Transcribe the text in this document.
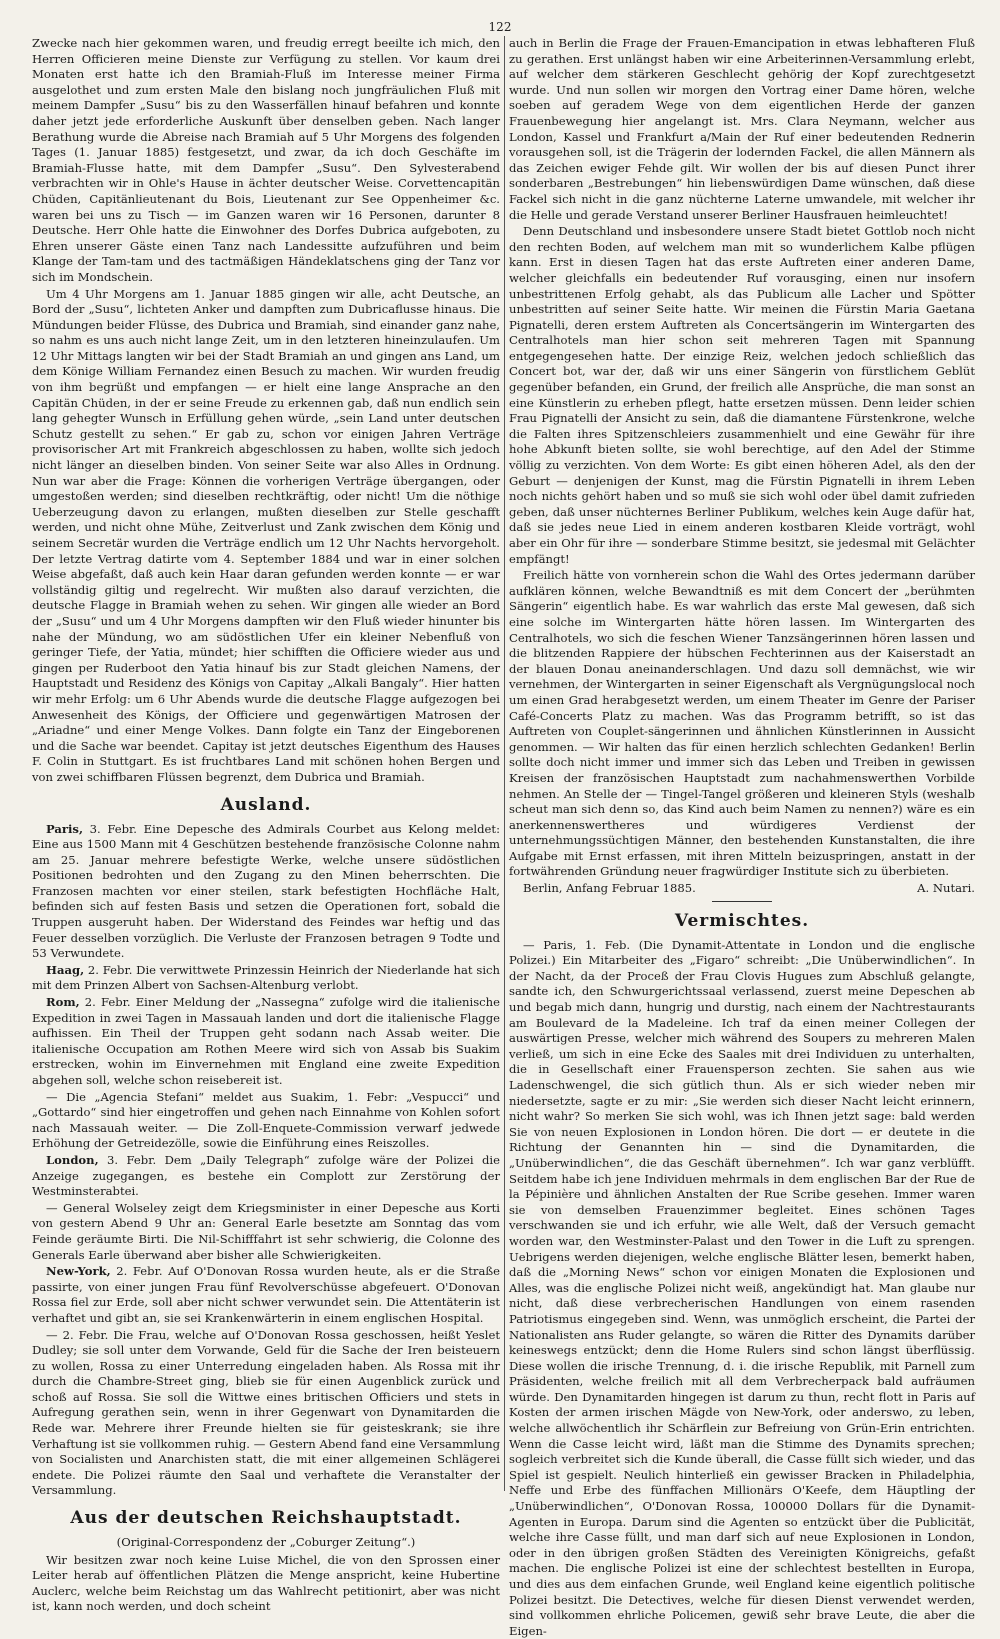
122

Zwecke nach hier gekommen waren, und freudig erregt beeilte ich mich, den Herren Officieren meine Dienste zur Verfügung zu stellen. Vor kaum drei Monaten erst hatte ich den Bramiah-Fluß im Interesse meiner Firma ausgelothet und zum ersten Male den bislang noch jungfräulichen Fluß mit meinem Dampfer „Susu“ bis zu den Wasserfällen hinauf befahren und konnte daher jetzt jede erforderliche Auskunft über denselben geben. Nach langer Berathung wurde die Abreise nach Bramiah auf 5 Uhr Morgens des folgenden Tages (1. Januar 1885) festgesetzt, und zwar, da ich doch Geschäfte im Bramiah-Flusse hatte, mit dem Dampfer „Susu“. Den Sylvesterabend verbrachten wir in Ohle's Hause in ächter deutscher Weise. Corvettencapitän Chüden, Capitänlieutenant du Bois, Lieutenant zur See Oppenheimer &c. waren bei uns zu Tisch — im Ganzen waren wir 16 Personen, darunter 8 Deutsche. Herr Ohle hatte die Einwohner des Dorfes Dubrica aufgeboten, zu Ehren unserer Gäste einen Tanz nach Landessitte aufzuführen und beim Klange der Tam-tam und des tactmäßigen Händeklatschens ging der Tanz vor sich im Mondschein.

Um 4 Uhr Morgens am 1. Januar 1885 gingen wir alle, acht Deutsche, an Bord der „Susu“, lichteten Anker und dampften zum Dubricaflusse hinaus. Die Mündungen beider Flüsse, des Dubrica und Bramiah, sind einander ganz nahe, so nahm es uns auch nicht lange Zeit, um in den letzteren hineinzulaufen. Um 12 Uhr Mittags langten wir bei der Stadt Bramiah an und gingen ans Land, um dem Könige William Fernandez einen Besuch zu machen. Wir wurden freudig von ihm begrüßt und empfangen — er hielt eine lange Ansprache an den Capitän Chüden, in der er seine Freude zu erkennen gab, daß nun endlich sein lang gehegter Wunsch in Erfüllung gehen würde, „sein Land unter deutschen Schutz gestellt zu sehen.“ Er gab zu, schon vor einigen Jahren Verträge provisorischer Art mit Frankreich abgeschlossen zu haben, wollte sich jedoch nicht länger an dieselben binden. Von seiner Seite war also Alles in Ordnung. Nun war aber die Frage: Können die vorherigen Verträge übergangen, oder umgestoßen werden; sind dieselben rechtkräftig, oder nicht! Um die nöthige Ueberzeugung davon zu erlangen, mußten dieselben zur Stelle geschafft werden, und nicht ohne Mühe, Zeitverlust und Zank zwischen dem König und seinem Secretär wurden die Verträge endlich um 12 Uhr Nachts hervorgeholt. Der letzte Vertrag datirte vom 4. September 1884 und war in einer solchen Weise abgefaßt, daß auch kein Haar daran gefunden werden konnte — er war vollständig giltig und regelrecht. Wir mußten also darauf verzichten, die deutsche Flagge in Bramiah wehen zu sehen. Wir gingen alle wieder an Bord der „Susu“ und um 4 Uhr Morgens dampften wir den Fluß wieder hinunter bis nahe der Mündung, wo am südöstlichen Ufer ein kleiner Nebenfluß von geringer Tiefe, der Yatia, mündet; hier schifften die Officiere wieder aus und gingen per Ruderboot den Yatia hinauf bis zur Stadt gleichen Namens, der Hauptstadt und Residenz des Königs von Capitay „Alkali Bangaly“. Hier hatten wir mehr Erfolg: um 6 Uhr Abends wurde die deutsche Flagge aufgezogen bei Anwesenheit des Königs, der Officiere und gegenwärtigen Matrosen der „Ariadne“ und einer Menge Volkes. Dann folgte ein Tanz der Eingeborenen und die Sache war beendet. Capitay ist jetzt deutsches Eigenthum des Hauses F. Colin in Stuttgart. Es ist fruchtbares Land mit schönen hohen Bergen und von zwei schiffbaren Flüssen begrenzt, dem Dubrica und Bramiah.

Ausland.

Paris, 3. Febr. Eine Depesche des Admirals Courbet aus Kelong meldet: Eine aus 1500 Mann mit 4 Geschützen bestehende französische Colonne nahm am 25. Januar mehrere befestigte Werke, welche unsere südöstlichen Positionen bedrohten und den Zugang zu den Minen beherrschten. Die Franzosen machten vor einer steilen, stark befestigten Hochfläche Halt, befinden sich auf festen Basis und setzen die Operationen fort, sobald die Truppen ausgeruht haben. Der Widerstand des Feindes war heftig und das Feuer desselben vorzüglich. Die Verluste der Franzosen betragen 9 Todte und 53 Verwundete.

Haag, 2. Febr. Die verwittwete Prinzessin Heinrich der Niederlande hat sich mit dem Prinzen Albert von Sachsen-Altenburg verlobt.

Rom, 2. Febr. Einer Meldung der „Nassegna“ zufolge wird die italienische Expedition in zwei Tagen in Massauah landen und dort die italienische Flagge aufhissen. Ein Theil der Truppen geht sodann nach Assab weiter. Die italienische Occupation am Rothen Meere wird sich von Assab bis Suakim erstrecken, wohin im Einvernehmen mit England eine zweite Expedition abgehen soll, welche schon reisebereit ist.

— Die „Agencia Stefani“ meldet aus Suakim, 1. Febr: „Vespucci“ und „Gottardo“ sind hier eingetroffen und gehen nach Einnahme von Kohlen sofort nach Massauah weiter. — Die Zoll-Enquete-Commission verwarf jedwede Erhöhung der Getreidezölle, sowie die Einführung eines Reiszolles.

London, 3. Febr. Dem „Daily Telegraph“ zufolge wäre der Polizei die Anzeige zugegangen, es bestehe ein Complott zur Zerstörung der Westminsterabtei.

— General Wolseley zeigt dem Kriegsminister in einer Depesche aus Korti von gestern Abend 9 Uhr an: General Earle besetzte am Sonntag das vom Feinde geräumte Birti. Die Nil-Schifffahrt ist sehr schwierig, die Colonne des Generals Earle überwand aber bisher alle Schwierigkeiten.

New-York, 2. Febr. Auf O'Donovan Rossa wurden heute, als er die Straße passirte, von einer jungen Frau fünf Revolverschüsse abgefeuert. O'Donovan Rossa fiel zur Erde, soll aber nicht schwer verwundet sein. Die Attentäterin ist verhaftet und gibt an, sie sei Krankenwärterin in einem englischen Hospital.

— 2. Febr. Die Frau, welche auf O'Donovan Rossa geschossen, heißt Yeslet Dudley; sie soll unter dem Vorwande, Geld für die Sache der Iren beisteuern zu wollen, Rossa zu einer Unterredung eingeladen haben. Als Rossa mit ihr durch die Chambre-Street ging, blieb sie für einen Augenblick zurück und schoß auf Rossa. Sie soll die Wittwe eines britischen Officiers und stets in Aufregung gerathen sein, wenn in ihrer Gegenwart von Dynamitarden die Rede war. Mehrere ihrer Freunde hielten sie für geisteskrank; sie ihre Verhaftung ist sie vollkommen ruhig. — Gestern Abend fand eine Versammlung von Socialisten und Anarchisten statt, die mit einer allgemeinen Schlägerei endete. Die Polizei räumte den Saal und verhaftete die Veranstalter der Versammlung.

Aus der deutschen Reichshauptstadt.
(Original-Correspondenz der „Coburger Zeitung“.)

Wir besitzen zwar noch keine Luise Michel, die von den Sprossen einer Leiter herab auf öffentlichen Plätzen die Menge anspricht, keine Hubertine Auclerc, welche beim Reichstag um das Wahlrecht petitionirt, aber was nicht ist, kann noch werden, und doch scheint

auch in Berlin die Frage der Frauen-Emancipation in etwas lebhafteren Fluß zu gerathen. Erst unlängst haben wir eine Arbeiterinnen-Versammlung erlebt, auf welcher dem stärkeren Geschlecht gehörig der Kopf zurechtgesetzt wurde. Und nun sollen wir morgen den Vortrag einer Dame hören, welche soeben auf geradem Wege von dem eigentlichen Herde der ganzen Frauenbewegung hier angelangt ist. Mrs. Clara Neymann, welcher aus London, Kassel und Frankfurt a/Main der Ruf einer bedeutenden Rednerin vorausgehen soll, ist die Trägerin der lodernden Fackel, die allen Männern als das Zeichen ewiger Fehde gilt. Wir wollen der bis auf diesen Punct ihrer sonderbaren „Bestrebungen“ hin liebenswürdigen Dame wünschen, daß diese Fackel sich nicht in die ganz nüchterne Laterne umwandele, mit welcher ihr die Helle und gerade Verstand unserer Berliner Hausfrauen heimleuchtet!

Denn Deutschland und insbesondere unsere Stadt bietet Gottlob noch nicht den rechten Boden, auf welchem man mit so wunderlichem Kalbe pflügen kann. Erst in diesen Tagen hat das erste Auftreten einer anderen Dame, welcher gleichfalls ein bedeutender Ruf vorausging, einen nur insofern unbestrittenen Erfolg gehabt, als das Publicum alle Lacher und Spötter unbestritten auf seiner Seite hatte. Wir meinen die Fürstin Maria Gaetana Pignatelli, deren erstem Auftreten als Concertsängerin im Wintergarten des Centralhotels man hier schon seit mehreren Tagen mit Spannung entgegengesehen hatte. Der einzige Reiz, welchen jedoch schließlich das Concert bot, war der, daß wir uns einer Sängerin von fürstlichem Geblüt gegenüber befanden, ein Grund, der freilich alle Ansprüche, die man sonst an eine Künstlerin zu erheben pflegt, hatte ersetzen müssen. Denn leider schien Frau Pignatelli der Ansicht zu sein, daß die diamantene Fürstenkrone, welche die Falten ihres Spitzenschleiers zusammenhielt und eine Gewähr für ihre hohe Abkunft bieten sollte, sie wohl berechtige, auf den Adel der Stimme völlig zu verzichten. Von dem Worte: Es gibt einen höheren Adel, als den der Geburt — denjenigen der Kunst, mag die Fürstin Pignatelli in ihrem Leben noch nichts gehört haben und so muß sie sich wohl oder übel damit zufrieden geben, daß unser nüchternes Berliner Publikum, welches kein Auge dafür hat, daß sie jedes neue Lied in einem anderen kostbaren Kleide vorträgt, wohl aber ein Ohr für ihre — sonderbare Stimme besitzt, sie jedesmal mit Gelächter empfängt!

Freilich hätte von vornherein schon die Wahl des Ortes jedermann darüber aufklären können, welche Bewandtniß es mit dem Concert der „berühmten Sängerin“ eigentlich habe. Es war wahrlich das erste Mal gewesen, daß sich eine solche im Wintergarten hätte hören lassen. Im Wintergarten des Centralhotels, wo sich die feschen Wiener Tanzsängerinnen hören lassen und die blitzenden Rappiere der hübschen Fechterinnen aus der Kaiserstadt an der blauen Donau aneinanderschlagen. Und dazu soll demnächst, wie wir vernehmen, der Wintergarten in seiner Eigenschaft als Vergnügungslocal noch um einen Grad herabgesetzt werden, um einem Theater im Genre der Pariser Café-Concerts Platz zu machen. Was das Programm betrifft, so ist das Auftreten von Couplet-sängerinnen und ähnlichen Künstlerinnen in Aussicht genommen. — Wir halten das für einen herzlich schlechten Gedanken! Berlin sollte doch nicht immer und immer sich das Leben und Treiben in gewissen Kreisen der französischen Hauptstadt zum nachahmenswerthen Vorbilde nehmen. An Stelle der — Tingel-Tangel größeren und kleineren Styls (weshalb scheut man sich denn so, das Kind auch beim Namen zu nennen?) wäre es ein anerkennenswertheres und würdigeres Verdienst der unternehmungssüchtigen Männer, den bestehenden Kunstanstalten, die ihre Aufgabe mit Ernst erfassen, mit ihren Mitteln beizuspringen, anstatt in der fortwährenden Gründung neuer fragwürdiger Institute sich zu überbieten.

Berlin, Anfang Februar 1885.	A. Nutari.
Vermischtes.

— Paris, 1. Feb. (Die Dynamit-Attentate in London und die englische Polizei.) Ein Mitarbeiter des „Figaro“ schreibt: „Die Unüberwindlichen“. In der Nacht, da der Proceß der Frau Clovis Hugues zum Abschluß gelangte, sandte ich, den Schwurgerichtssaal verlassend, zuerst meine Depeschen ab und begab mich dann, hungrig und durstig, nach einem der Nachtrestaurants am Boulevard de la Madeleine. Ich traf da einen meiner Collegen der auswärtigen Presse, welcher mich während des Soupers zu mehreren Malen verließ, um sich in eine Ecke des Saales mit drei Individuen zu unterhalten, die in Gesellschaft einer Frauensperson zechten. Sie sahen aus wie Ladenschwengel, die sich gütlich thun. Als er sich wieder neben mir niedersetzte, sagte er zu mir: „Sie werden sich dieser Nacht leicht erinnern, nicht wahr? So merken Sie sich wohl, was ich Ihnen jetzt sage: bald werden Sie von neuen Explosionen in London hören. Die dort — er deutete in die Richtung der Genannten hin — sind die Dynamitarden, die „Unüberwindlichen“, die das Geschäft übernehmen“. Ich war ganz verblüfft. Seitdem habe ich jene Individuen mehrmals in dem englischen Bar der Rue de la Pépinière und ähnlichen Anstalten der Rue Scribe gesehen. Immer waren sie von demselben Frauenzimmer begleitet. Eines schönen Tages verschwanden sie und ich erfuhr, wie alle Welt, daß der Versuch gemacht worden war, den Westminster-Palast und den Tower in die Luft zu sprengen. Uebrigens werden diejenigen, welche englische Blätter lesen, bemerkt haben, daß die „Morning News“ schon vor einigen Monaten die Explosionen und Alles, was die englische Polizei nicht weiß, angekündigt hat. Man glaube nur nicht, daß diese verbrecherischen Handlungen von einem rasenden Patriotismus eingegeben sind. Wenn, was unmöglich erscheint, die Partei der Nationalisten ans Ruder gelangte, so wären die Ritter des Dynamits darüber keineswegs entzückt; denn die Home Rulers sind schon längst überflüssig. Diese wollen die irische Trennung, d. i. die irische Republik, mit Parnell zum Präsidenten, welche freilich mit all dem Verbrecherpack bald aufräumen würde. Den Dynamitarden hingegen ist darum zu thun, recht flott in Paris auf Kosten der armen irischen Mägde von New-York, oder anderswo, zu leben, welche allwöchentlich ihr Schärflein zur Befreiung von Grün-Erin entrichten. Wenn die Casse leicht wird, läßt man die Stimme des Dynamits sprechen; sogleich verbreitet sich die Kunde überall, die Casse füllt sich wieder, und das Spiel ist gespielt. Neulich hinterließ ein gewisser Bracken in Philadelphia, Neffe und Erbe des fünffachen Millionärs O'Keefe, dem Häuptling der „Unüberwindlichen“, O'Donovan Rossa, 100000 Dollars für die Dynamit-Agenten in Europa. Darum sind die Agenten so entzückt über die Publicität, welche ihre Casse füllt, und man darf sich auf neue Explosionen in London, oder in den übrigen großen Städten des Vereinigten Königreichs, gefaßt machen. Die englische Polizei ist eine der schlechtest bestellten in Europa, und dies aus dem einfachen Grunde, weil England keine eigentlich politische Polizei besitzt. Die Detectives, welche für diesen Dienst verwendet werden, sind vollkommen ehrliche Policemen, gewiß sehr brave Leute, die aber die Eigen-
